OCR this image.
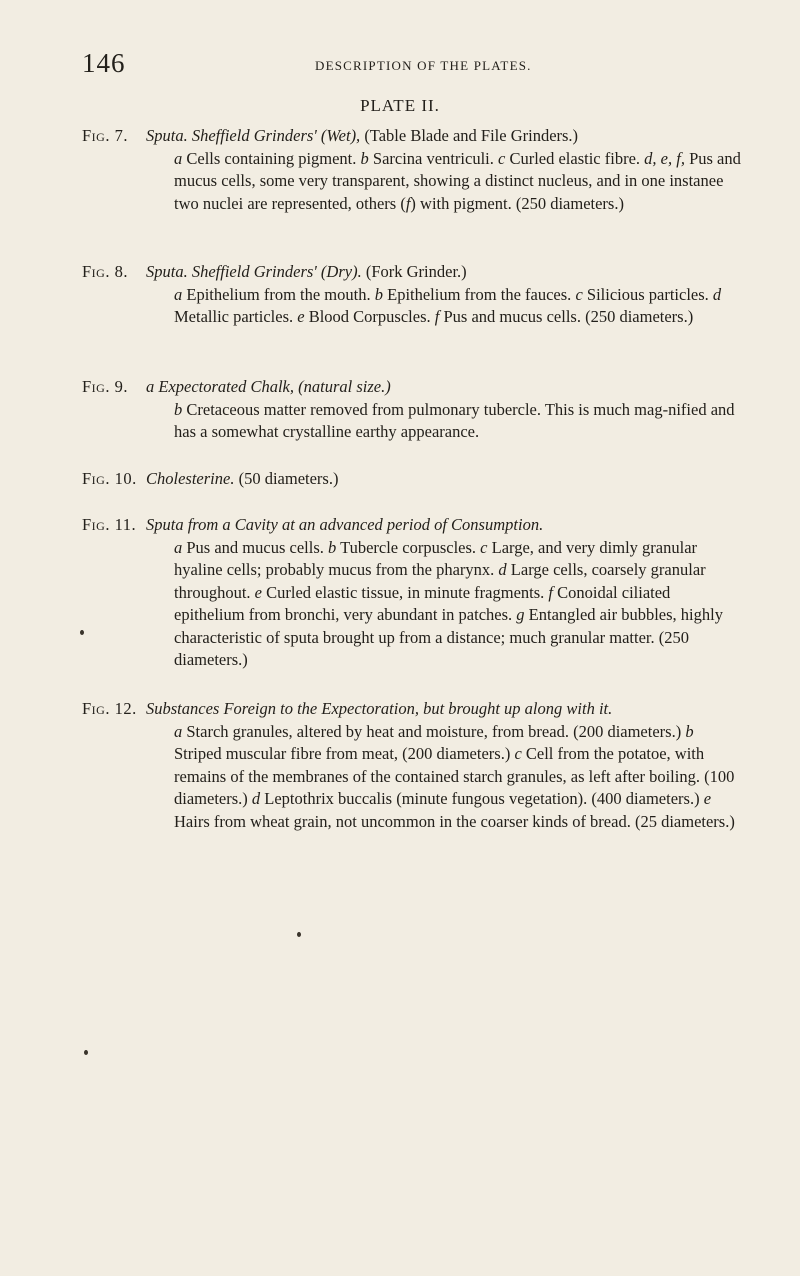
146	DESCRIPTION OF THE PLATES.
PLATE II.
Fig. 7. Sputa. Sheffield Grinders' (Wet), (Table Blade and File Grinders.)
a Cells containing pigment. b Sarcina ventriculi. c Curled elastic fibre. d, e, f, Pus and mucus cells, some very transparent, showing a distinct nucleus, and in one instanee two nuclei are represented, others (f) with pigment. (250 diameters.)
Fig. 8. Sputa. Sheffield Grinders' (Dry). (Fork Grinder.)
a Epithelium from the mouth. b Epithelium from the fauces. c Silicious particles. d Metallic particles. e Blood Corpuscles. f Pus and mucus cells. (250 diameters.)
Fig. 9. a Expectorated Chalk, (natural size.)
b Cretaceous matter removed from pulmonary tubercle. This is much mag-nified and has a somewhat crystalline earthy appearance.
Fig. 10. Cholesterine. (50 diameters.)
Fig. 11. Sputa from a Cavity at an advanced period of Consumption.
a Pus and mucus cells. b Tubercle corpuscles. c Large, and very dimly granular hyaline cells; probably mucus from the pharynx. d Large cells, coarsely granular throughout. e Curled elastic tissue, in minute fragments. f Conoidal ciliated epithelium from bronchi, very abundant in patches. g Entangled air bubbles, highly characteristic of sputa brought up from a distance; much granular matter. (250 diameters.)
Fig. 12. Substances Foreign to the Expectoration, but brought up along with it.
a Starch granules, altered by heat and moisture, from bread. (200 diameters.) b Striped muscular fibre from meat, (200 diameters.) c Cell from the potatoe, with remains of the membranes of the contained starch granules, as left after boiling. (100 diameters.) d Leptothrix buccalis (minute fungous vegetation). (400 diameters.) e Hairs from wheat grain, not uncommon in the coarser kinds of bread. (25 diameters.)
